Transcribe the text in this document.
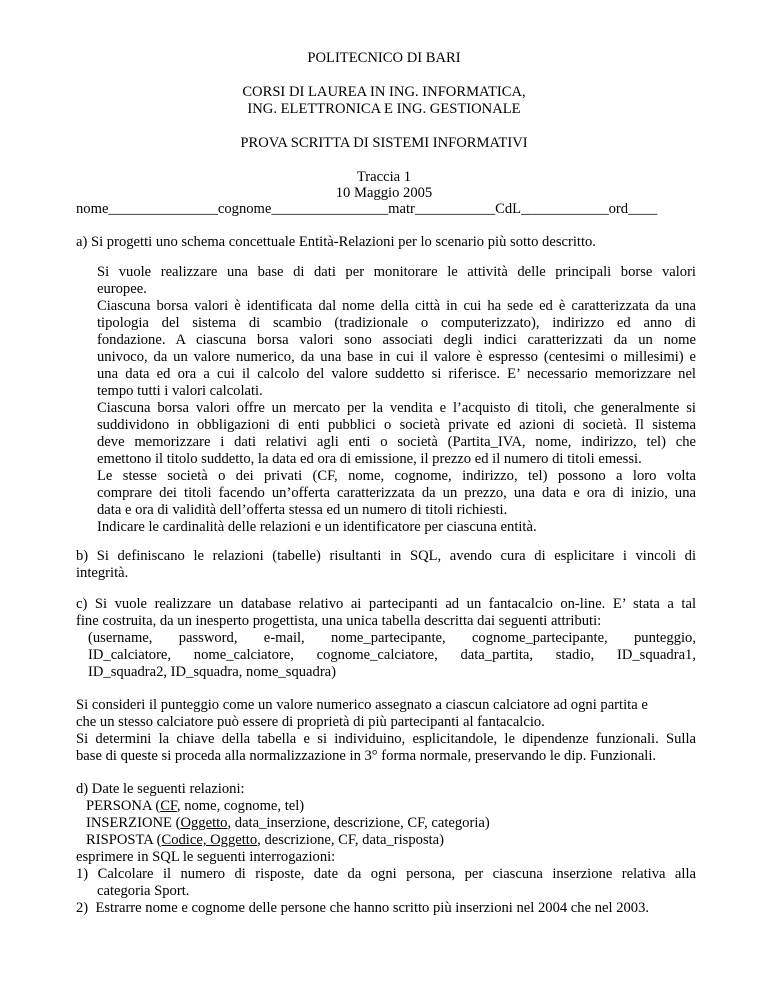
POLITECNICO DI BARI
CORSI DI LAUREA IN ING. INFORMATICA,
ING. ELETTRONICA E ING. GESTIONALE
PROVA SCRITTA DI SISTEMI INFORMATIVI
Traccia 1
10 Maggio 2005
nome_______________cognome________________matr___________CdL____________ord____
a) Si progetti uno schema concettuale Entità-Relazioni per lo scenario più sotto descritto.
Si vuole realizzare una base di dati per monitorare le attività delle principali borse valori
europee.
Ciascuna borsa valori è identificata dal nome della città in cui ha sede ed è caratterizzata da una
tipologia del sistema di scambio (tradizionale o computerizzato), indirizzo ed anno di
fondazione. A ciascuna borsa valori sono associati degli indici caratterizzati da un nome
univoco, da un valore numerico, da una base in cui il valore è espresso (centesimi o millesimi) e
una data ed ora a cui il calcolo del valore suddetto si riferisce. E’ necessario memorizzare nel
tempo tutti i valori calcolati.
Ciascuna borsa valori offre un mercato per la vendita e l’acquisto di titoli, che generalmente si
suddividono in obbligazioni di enti pubblici o società private ed azioni di società. Il sistema
deve memorizzare i dati relativi agli enti o società (Partita_IVA, nome, indirizzo, tel) che
emettono il titolo suddetto, la data ed ora di emissione, il prezzo ed il numero di titoli emessi.
Le stesse società o dei privati (CF, nome, cognome, indirizzo, tel) possono a loro volta
comprare dei titoli facendo un’offerta caratterizzata da un prezzo, una data e ora di inizio, una
data e ora di validità dell’offerta stessa ed un numero di titoli richiesti.
Indicare le cardinalità delle relazioni e un identificatore per ciascuna entità.
b) Si definiscano le relazioni (tabelle) risultanti in SQL, avendo cura di esplicitare i vincoli di
integrità.
c) Si vuole realizzare un database relativo ai partecipanti ad un fantacalcio on-line. E’ stata a tal
fine costruita, da un inesperto progettista, una unica tabella descritta dai seguenti attributi:
(username, password, e-mail, nome_partecipante, cognome_partecipante, punteggio,
ID_calciatore, nome_calciatore, cognome_calciatore, data_partita, stadio, ID_squadra1,
ID_squadra2, ID_squadra, nome_squadra)
Si consideri il punteggio come un valore numerico assegnato a ciascun calciatore ad ogni partita e
che un stesso calciatore può essere di proprietà di più partecipanti al fantacalcio.
Si determini la chiave della tabella e si individuino, esplicitandole, le dipendenze funzionali. Sulla
base di queste si proceda alla normalizzazione in 3° forma normale, preservando le dip. Funzionali.
d) Date le seguenti relazioni:
PERSONA (CF, nome, cognome, tel)
INSERZIONE (Oggetto, data_inserzione, descrizione, CF, categoria)
RISPOSTA (Codice, Oggetto, descrizione, CF, data_risposta)
esprimere in SQL le seguenti interrogazioni:
1) Calcolare il numero di risposte, date da ogni persona, per ciascuna inserzione relativa alla
categoria Sport.
2)  Estrarre nome e cognome delle persone che hanno scritto più inserzioni nel 2004 che nel 2003.
